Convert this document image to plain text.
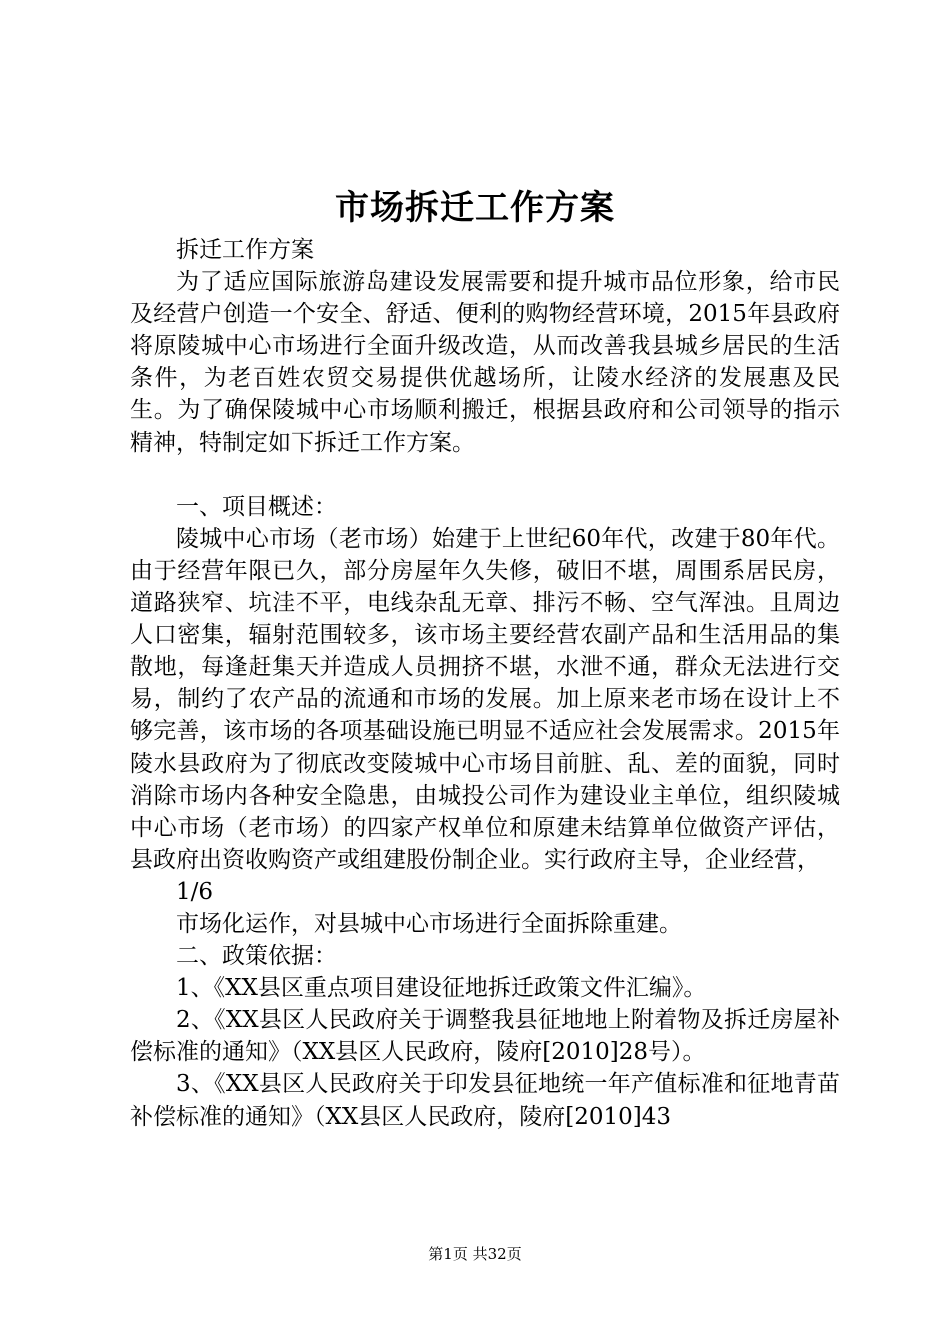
市场拆迁工作方案

拆迁工作方案

为了适应国际旅游岛建设发展需要和提升城市品位形象，给市民及经营户创造一个安全、舒适、便利的购物经营环境，2015年县政府将原陵城中心市场进行全面升级改造，从而改善我县城乡居民的生活条件，为老百姓农贸交易提供优越场所，让陵水经济的发展惠及民生。为了确保陵城中心市场顺利搬迁，根据县政府和公司领导的指示精神，特制定如下拆迁工作方案。

一、项目概述：

陵城中心市场（老市场）始建于上世纪60年代，改建于80年代。由于经营年限已久，部分房屋年久失修，破旧不堪，周围系居民房，道路狭窄、坑洼不平，电线杂乱无章、排污不畅、空气浑浊。且周边人口密集，辐射范围较多，该市场主要经营农副产品和生活用品的集散地，每逢赶集天并造成人员拥挤不堪，水泄不通，群众无法进行交易，制约了农产品的流通和市场的发展。加上原来老市场在设计上不够完善，该市场的各项基础设施已明显不适应社会发展需求。2015年陵水县政府为了彻底改变陵城中心市场目前脏、乱、差的面貌，同时消除市场内各种安全隐患，由城投公司作为建设业主单位，组织陵城中心市场（老市场）的四家产权单位和原建未结算单位做资产评估，县政府出资收购资产或组建股份制企业。实行政府主导，企业经营，

1/6

市场化运作，对县城中心市场进行全面拆除重建。

二、政策依据：

1、《XX县区重点项目建设征地拆迁政策文件汇编》。

2、《XX县区人民政府关于调整我县征地地上附着物及拆迁房屋补偿标准的通知》（XX县区人民政府，陵府[2010]28号）。

3、《XX县区人民政府关于印发县征地统一年产值标准和征地青苗补偿标准的通知》（XX县区人民政府，陵府[2010]43

第1页 共32页
